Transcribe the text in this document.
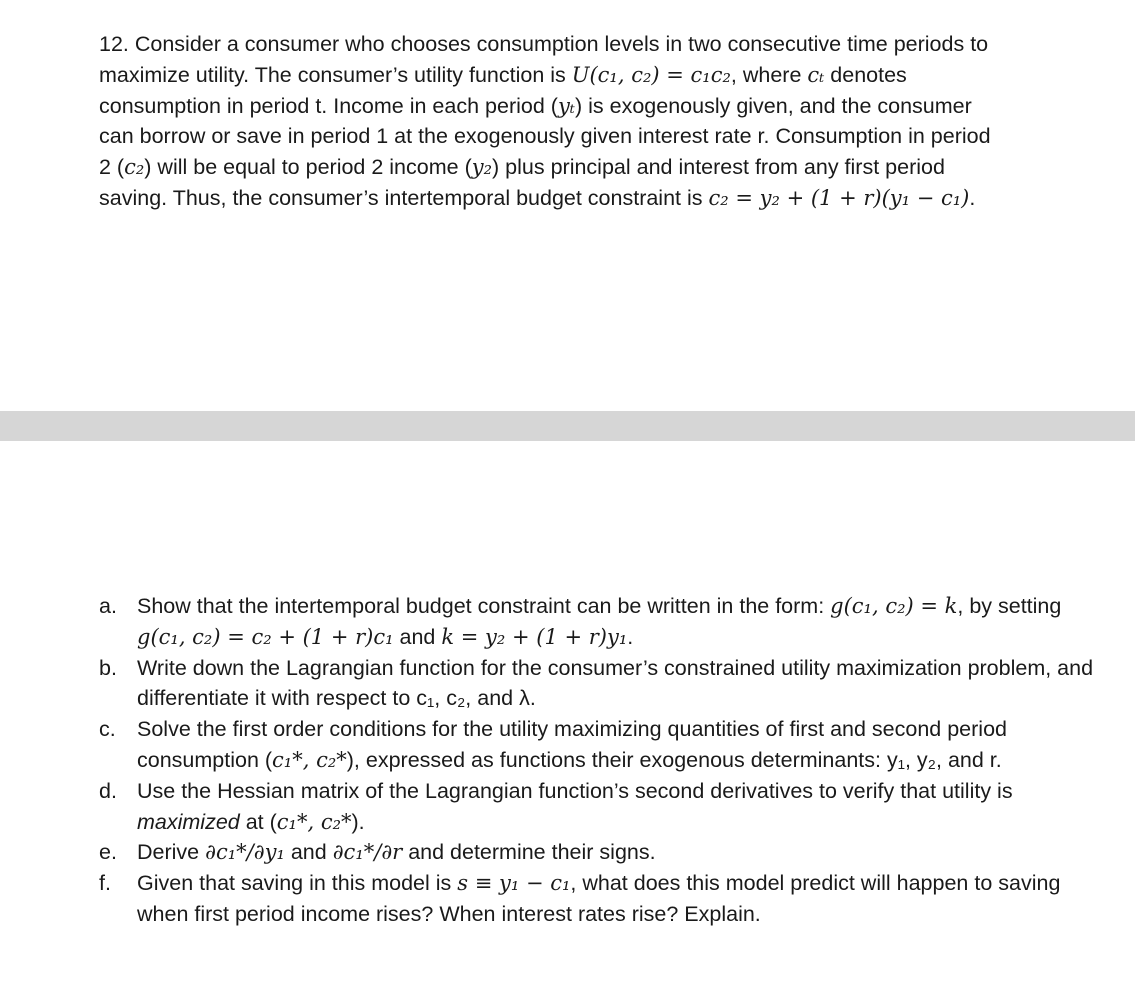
12. Consider a consumer who chooses consumption levels in two consecutive time periods to
maximize utility. The consumer’s utility function is U(c₁, c₂) = c₁c₂, where cₜ denotes
consumption in period t. Income in each period (yₜ) is exogenously given, and the consumer
can borrow or save in period 1 at the exogenously given interest rate r. Consumption in period
2 (c₂) will be equal to period 2 income (y₂) plus principal and interest from any first period
saving. Thus, the consumer’s intertemporal budget constraint is c₂ = y₂ + (1 + r)(y₁ − c₁).
a. Show that the intertemporal budget constraint can be written in the form: g(c₁, c₂) = k, by setting g(c₁, c₂) = c₂ + (1 + r)c₁ and k = y₂ + (1 + r)y₁.
b. Write down the Lagrangian function for the consumer’s constrained utility maximization problem, and differentiate it with respect to c₁, c₂, and λ.
c. Solve the first order conditions for the utility maximizing quantities of first and second period consumption (c₁*, c₂*), expressed as functions their exogenous determinants: y₁, y₂, and r.
d. Use the Hessian matrix of the Lagrangian function’s second derivatives to verify that utility is maximized at (c₁*, c₂*).
e. Derive ∂c₁*/∂y₁ and ∂c₁*/∂r and determine their signs.
f.	Given that saving in this model is s ≡ y₁ − c₁, what does this model predict will happen to saving when first period income rises? When interest rates rise? Explain.
